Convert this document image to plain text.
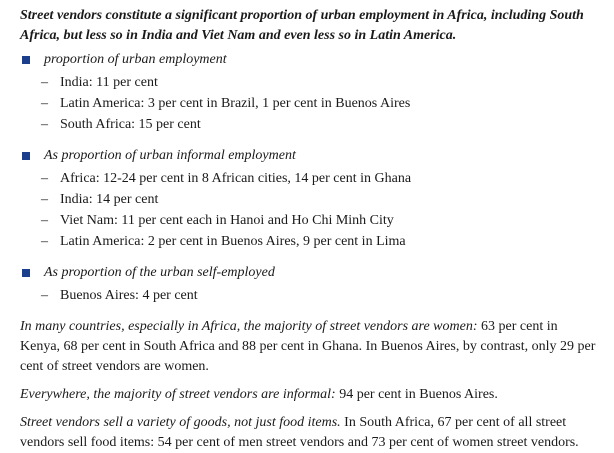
Street vendors constitute a significant proportion of urban employment in Africa, including South Africa, but less so in India and Viet Nam and even less so in Latin America.

proportion of urban employment
– India: 11 per cent
– Latin America: 3 per cent in Brazil, 1 per cent in Buenos Aires
– South Africa: 15 per cent
As proportion of urban informal employment
– Africa: 12-24 per cent in 8 African cities, 14 per cent in Ghana
– India: 14 per cent
– Viet Nam: 11 per cent each in Hanoi and Ho Chi Minh City
– Latin America: 2 per cent in Buenos Aires, 9 per cent in Lima
As proportion of the urban self-employed
– Buenos Aires: 4 per cent

In many countries, especially in Africa, the majority of street vendors are women: 63 per cent in Kenya, 68 per cent in South Africa and 88 per cent in Ghana. In Buenos Aires, by contrast, only 29 per cent of street vendors are women.

Everywhere, the majority of street vendors are informal: 94 per cent in Buenos Aires.

Street vendors sell a variety of goods, not just food items. In South Africa, 67 per cent of all street vendors sell food items: 54 per cent of men street vendors and 73 per cent of women street vendors.
